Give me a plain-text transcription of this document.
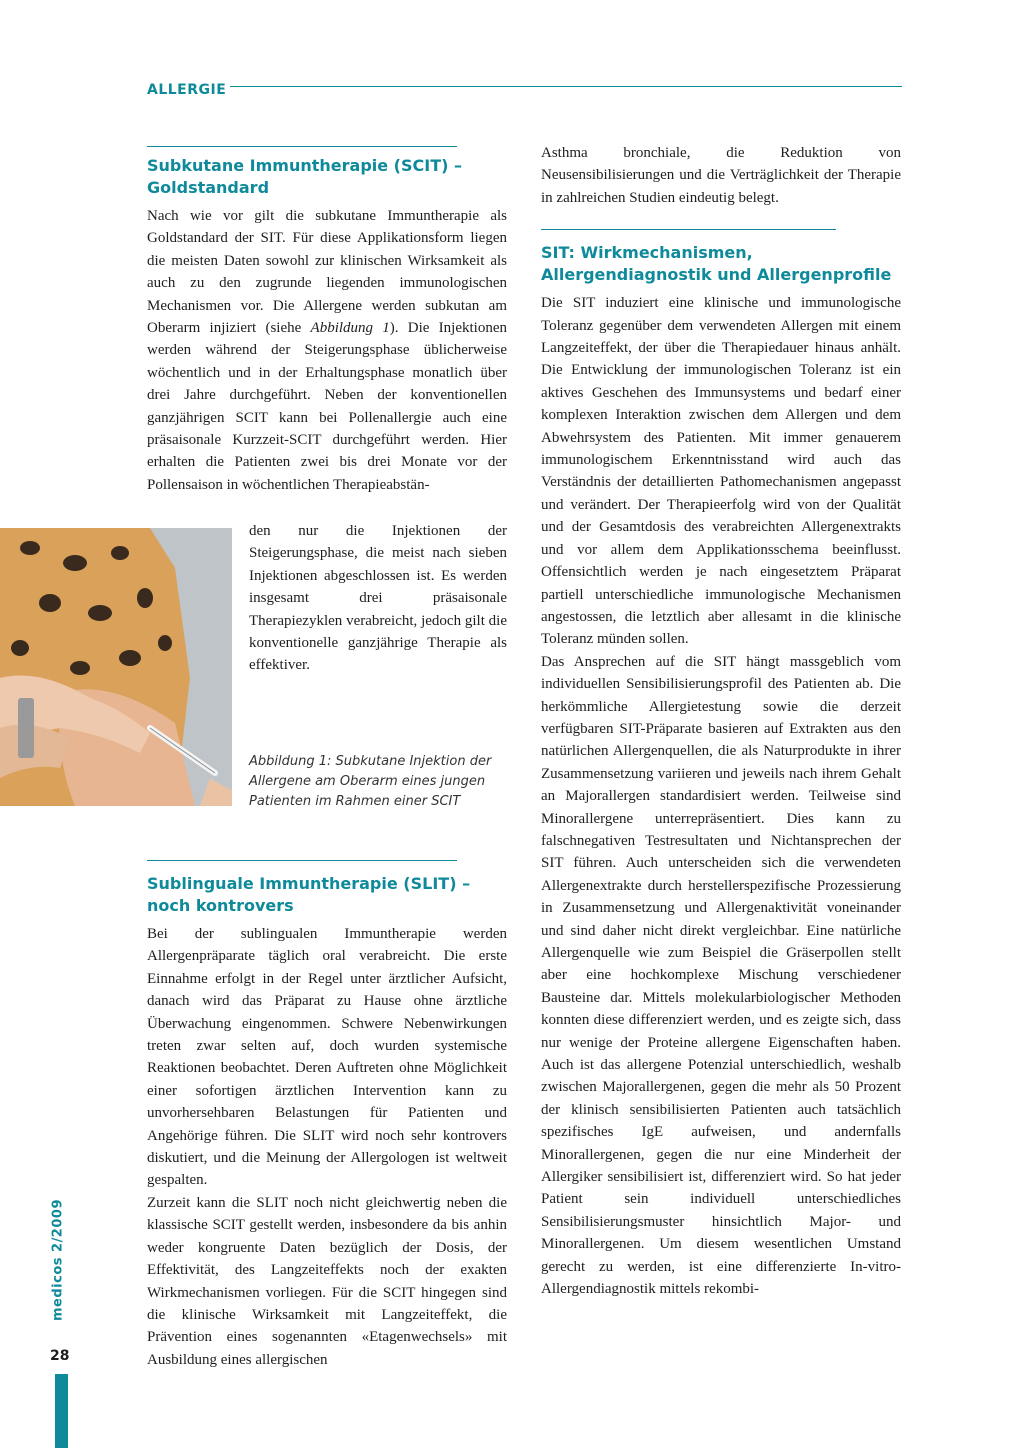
ALLERGIE
Subkutane Immuntherapie (SCIT) – Goldstandard

Nach wie vor gilt die subkutane Immuntherapie als Goldstandard der SIT. Für diese Applikationsform liegen die meisten Daten sowohl zur klinischen Wirksamkeit als auch zu den zugrunde liegenden immunologischen Mechanismen vor. Die Allergene werden subkutan am Oberarm injiziert (siehe Abbildung 1). Die Injektionen werden während der Steigerungsphase üblicherweise wöchentlich und in der Erhaltungsphase monatlich über drei Jahre durchgeführt. Neben der konventionellen ganzjährigen SCIT kann bei Pollenallergie auch eine präsaisonale Kurzzeit-SCIT durchgeführt werden. Hier erhalten die Patienten zwei bis drei Monate vor der Pollensaison in wöchentlichen Therapieabstän-

den nur die Injektionen der Steigerungsphase, die meist nach sieben Injektionen abgeschlossen ist. Es werden insgesamt drei präsaisonale Therapiezyklen verabreicht, jedoch gilt die konventionelle ganzjährige Therapie als effektiver.

Abbildung 1: Subkutane Injektion der Allergene am Oberarm eines jungen Patienten im Rahmen einer SCIT
Sublinguale Immuntherapie (SLIT) – noch kontrovers

Bei der sublingualen Immuntherapie werden Allergenpräparate täglich oral verabreicht. Die erste Einnahme erfolgt in der Regel unter ärztlicher Aufsicht, danach wird das Präparat zu Hause ohne ärztliche Überwachung eingenommen. Schwere Nebenwirkungen treten zwar selten auf, doch wurden systemische Reaktionen beobachtet. Deren Auftreten ohne Möglichkeit einer sofortigen ärztlichen Intervention kann zu unvorhersehbaren Belastungen für Patienten und Angehörige führen. Die SLIT wird noch sehr kontrovers diskutiert, und die Meinung der Allergologen ist weltweit gespalten.

Zurzeit kann die SLIT noch nicht gleichwertig neben die klassische SCIT gestellt werden, insbesondere da bis anhin weder kongruente Daten bezüglich der Dosis, der Effektivität, des Langzeiteffekts noch der exakten Wirkmechanismen vorliegen. Für die SCIT hingegen sind die klinische Wirksamkeit mit Langzeiteffekt, die Prävention eines sogenannten «Etagenwechsels» mit Ausbildung eines allergischen

Asthma bronchiale, die Reduktion von Neusensibilisierungen und die Verträglichkeit der Therapie in zahlreichen Studien eindeutig belegt.

SIT: Wirkmechanismen, Allergendiagnostik und Allergenprofile

Die SIT induziert eine klinische und immunologische Toleranz gegenüber dem verwendeten Allergen mit einem Langzeiteffekt, der über die Therapiedauer hinaus anhält. Die Entwicklung der immunologischen Toleranz ist ein aktives Geschehen des Immunsystems und bedarf einer komplexen Interaktion zwischen dem Allergen und dem Abwehrsystem des Patienten. Mit immer genauerem immunologischem Erkenntnisstand wird auch das Verständnis der detaillierten Pathomechanismen angepasst und verändert. Der Therapieerfolg wird von der Qualität und der Gesamtdosis des verabreichten Allergenextrakts und vor allem dem Applikationsschema beeinflusst. Offensichtlich werden je nach eingesetztem Präparat partiell unterschiedliche immunologische Mechanismen angestossen, die letztlich aber allesamt in die klinische Toleranz münden sollen.

Das Ansprechen auf die SIT hängt massgeblich vom individuellen Sensibilisierungsprofil des Patienten ab. Die herkömmliche Allergietestung sowie die derzeit verfügbaren SIT-Präparate basieren auf Extrakten aus den natürlichen Allergenquellen, die als Naturprodukte in ihrer Zusammensetzung variieren und jeweils nach ihrem Gehalt an Majorallergen standardisiert werden. Teilweise sind Minorallergene unterrepräsentiert. Dies kann zu falschnegativen Testresultaten und Nichtansprechen der SIT führen. Auch unterscheiden sich die verwendeten Allergenextrakte durch herstellerspezifische Prozessierung in Zusammensetzung und Allergenaktivität voneinander und sind daher nicht direkt vergleichbar. Eine natürliche Allergenquelle wie zum Beispiel die Gräserpollen stellt aber eine hochkomplexe Mischung verschiedener Bausteine dar. Mittels molekularbiologischer Methoden konnten diese differenziert werden, und es zeigte sich, dass nur wenige der Proteine allergene Eigenschaften haben. Auch ist das allergene Potenzial unterschiedlich, weshalb zwischen Majorallergenen, gegen die mehr als 50 Prozent der klinisch sensibilisierten Patienten auch tatsächlich spezifisches IgE aufweisen, und andernfalls Minorallergenen, gegen die nur eine Minderheit der Allergiker sensibilisiert ist, differenziert wird. So hat jeder Patient sein individuell unterschiedliches Sensibilisierungsmuster hinsichtlich Major- und Minorallergenen. Um diesem wesentlichen Umstand gerecht zu werden, ist eine differenzierte In-vitro-Allergendiagnostik mittels rekombi-

medicos 2/2009
28
